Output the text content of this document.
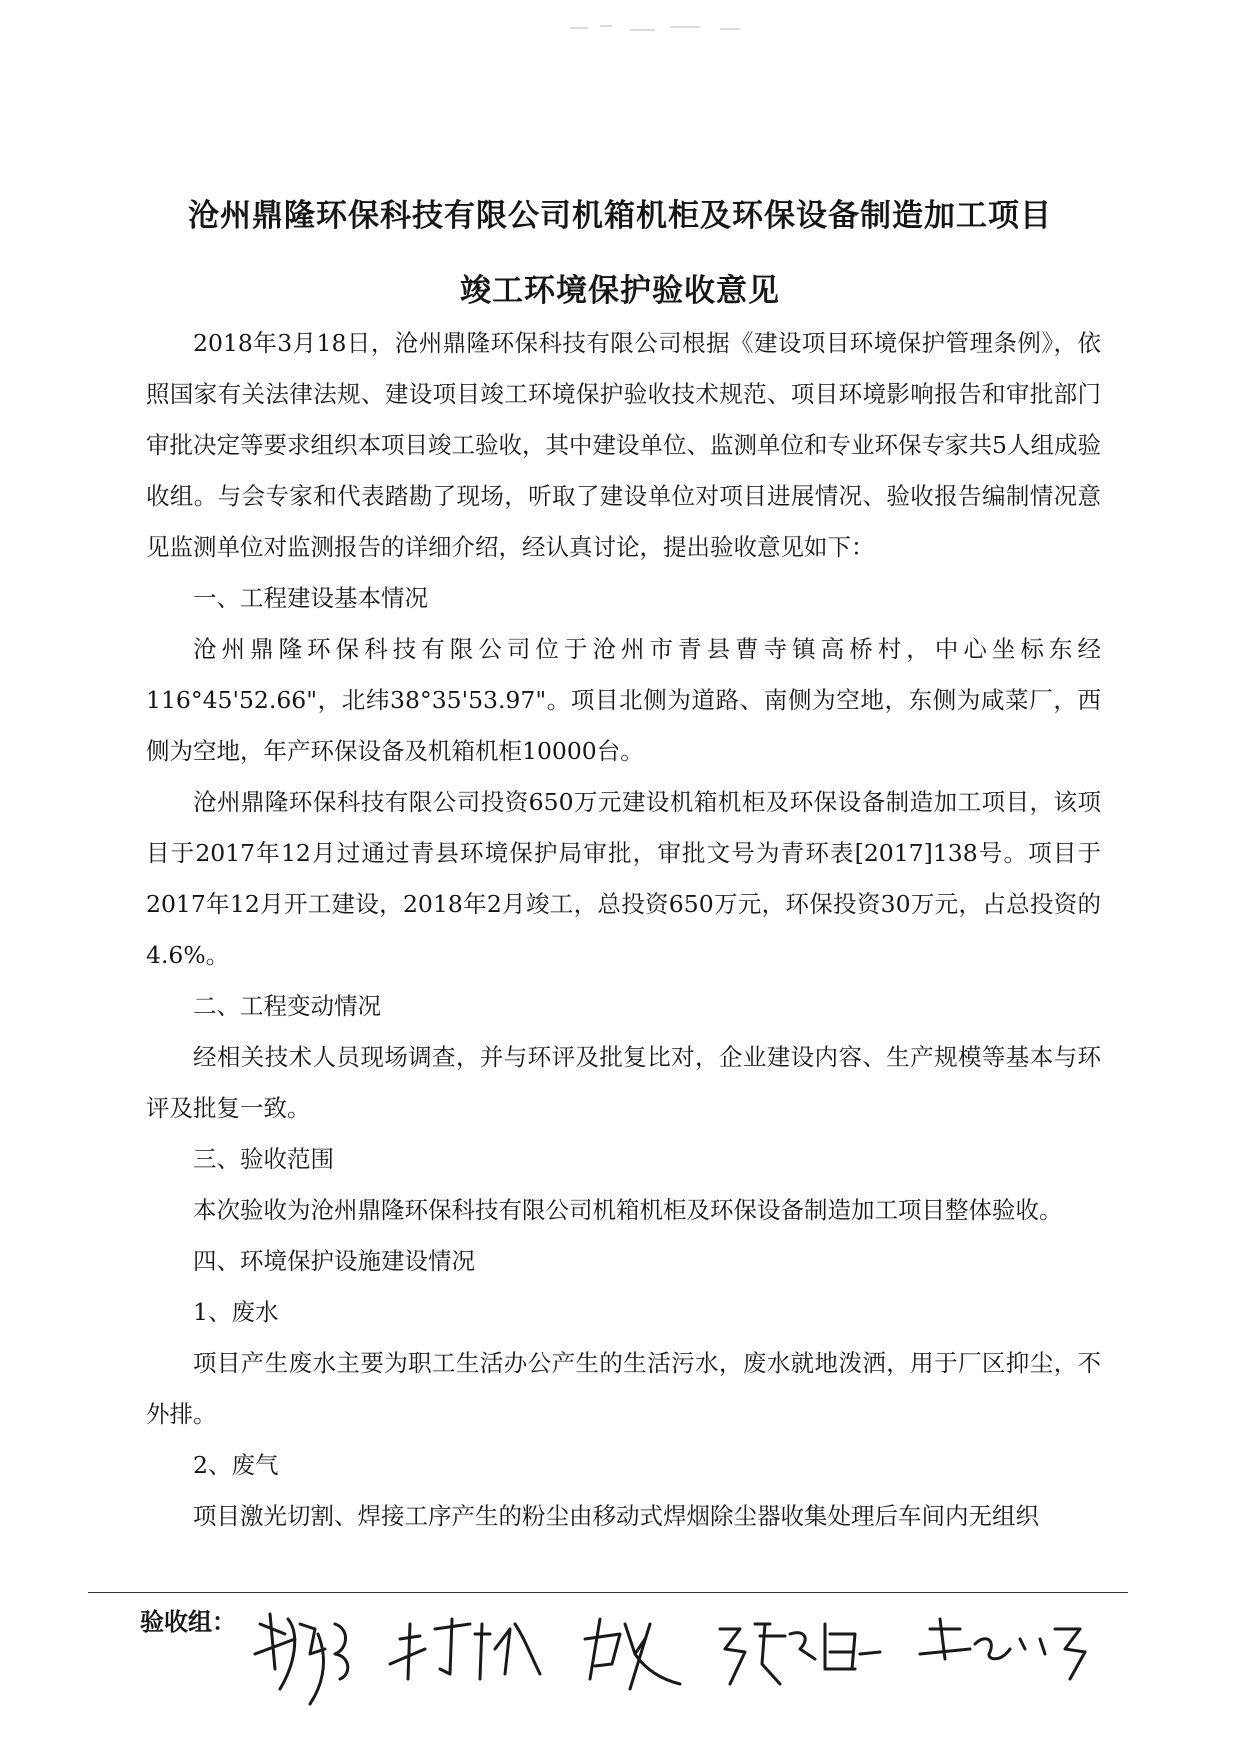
沧州鼎隆环保科技有限公司机箱机柜及环保设备制造加工项目
竣工环境保护验收意见

2018年3月18日，沧州鼎隆环保科技有限公司根据《建设项目环境保护管理条例》，依照国家有关法律法规、建设项目竣工环境保护验收技术规范、项目环境影响报告和审批部门审批决定等要求组织本项目竣工验收，其中建设单位、监测单位和专业环保专家共5人组成验收组。与会专家和代表踏勘了现场，听取了建设单位对项目进展情况、验收报告编制情况意见监测单位对监测报告的详细介绍，经认真讨论，提出验收意见如下：

一、工程建设基本情况

沧州鼎隆环保科技有限公司位于沧州市青县曹寺镇高桥村，中心坐标东经116°45'52.66"，北纬38°35'53.97"。项目北侧为道路、南侧为空地，东侧为咸菜厂，西侧为空地，年产环保设备及机箱机柜10000台。

沧州鼎隆环保科技有限公司投资650万元建设机箱机柜及环保设备制造加工项目，该项目于2017年12月过通过青县环境保护局审批，审批文号为青环表[2017]138号。项目于2017年12月开工建设，2018年2月竣工，总投资650万元，环保投资30万元，占总投资的4.6%。

二、工程变动情况

经相关技术人员现场调查，并与环评及批复比对，企业建设内容、生产规模等基本与环评及批复一致。

三、验收范围

本次验收为沧州鼎隆环保科技有限公司机箱机柜及环保设备制造加工项目整体验收。

四、环境保护设施建设情况

1、废水

项目产生废水主要为职工生活办公产生的生活污水，废水就地泼洒，用于厂区抑尘，不外排。

2、废气

项目激光切割、焊接工序产生的粉尘由移动式焊烟除尘器收集处理后车间内无组织

验收组：
